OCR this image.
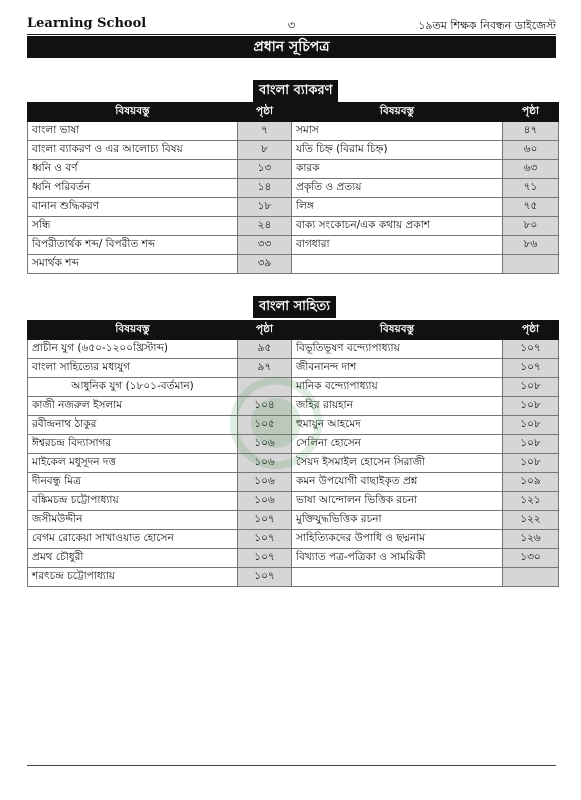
Learning School	৩	১৯তম শিক্ষক নিবন্ধন ডাইজেস্ট
প্রধান সূচিপত্র
বাংলা ব্যাকরণ
বিষয়বস্তু	পৃষ্ঠা	বিষয়বস্তু	পৃষ্ঠা
বাংলা ভাষা	৭	সমাস	৪৭
বাংলা ব্যাকরণ ও এর আলোচ্য বিষয়	৮	যতি চিহ্ন (বিরাম চিহ্ন)	৬০
ধ্বনি ও বর্ণ	১৩	কারক	৬৩
ধ্বনি পরিবর্তন	১৪	প্রকৃতি ও প্রত্যয়	৭১
বানান শুদ্ধিকরণ	১৮	লিঙ্গ	৭৫
সন্ধি	২৪	বাক্য সংকোচন/এক কথায় প্রকাশ	৮০
বিপরীতার্থক শব্দ/ বিপরীত শব্দ	৩৩	বাগধারা	৮৬
সমার্থক শব্দ	৩৯		
বাংলা সাহিত্য
বিষয়বস্তু	পৃষ্ঠা	বিষয়বস্তু	পৃষ্ঠা
প্রাচীন যুগ (৬৫০-১২০০খ্রিস্টাব্দ)	৯৫	বিভূতিভূষণ বন্দ্যোপাধ্যায়	১০৭
বাংলা সাহিত্যের মধ্যযুগ	৯৭	জীবনানন্দ দাশ	১০৭
আধুনিক যুগ (১৮০১-বর্তমান)		মানিক বন্দ্যোপাধ্যায়	১০৮
কাজী নজরুল ইসলাম	১০৪	জহির রায়হান	১০৮
রবীন্দ্রনাথ ঠাকুর	১০৫	হুমায়ুন আহমেদ	১০৮
ঈশ্বরচন্দ্র বিদ্যাসাগর	১০৬	সেলিনা হোসেন	১০৮
মাইকেল মধুসূদন দত্ত	১০৬	সৈয়দ ইসমাইল হোসেন সিরাজী	১০৮
দীনবন্ধু মিত্র	১০৬	কমন উপযোগী বাছাইকৃত প্রশ্ন	১০৯
বঙ্কিমচন্দ্র চট্টোপাধ্যায়	১০৬	ভাষা আন্দোলন ভিত্তিক রচনা	১২১
জসীমউদ্দীন	১০৭	মুক্তিযুদ্ধভিত্তিক রচনা	১২২
বেগম রোকেয়া সাখাওয়াত হোসেন	১০৭	সাহিত্যিকদের উপাধি ও ছদ্মনাম	১২৬
প্রমথ চৌধুরী	১০৭	বিখ্যাত পত্র-পত্রিকা ও সাময়িকী	১৩০
শরৎচন্দ্র চট্টোপাধ্যায়	১০৭		
